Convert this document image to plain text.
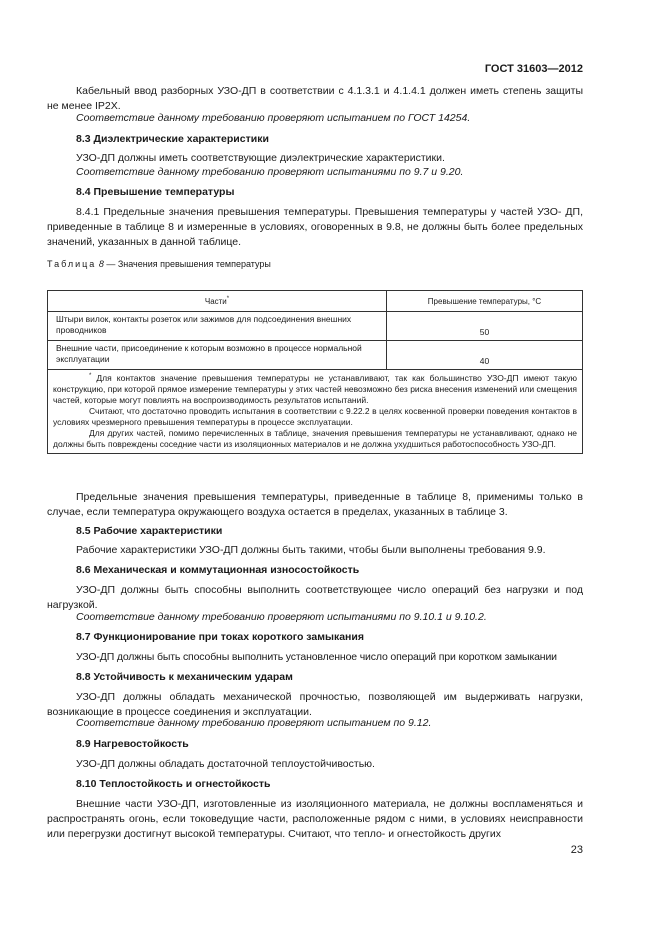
ГОСТ 31603—2012
Кабельный ввод разборных УЗО-ДП в соответствии с 4.1.3.1 и 4.1.4.1 должен иметь степень защиты не менее IP2X.
Соответствие данному требованию проверяют испытанием по ГОСТ 14254.
8.3 Диэлектрические характеристики
УЗО-ДП должны иметь соответствующие диэлектрические характеристики.
Соответствие данному требованию проверяют испытаниями по 9.7 и 9.20.
8.4 Превышение температуры
8.4.1 Предельные значения превышения температуры. Превышения температуры у частей УЗО- ДП, приведенные в таблице 8 и измеренные в условиях, оговоренных в 9.8, не должны быть более предельных значений, указанных в данной таблице.
Таблица 8 — Значения превышения температуры
Части*	Превышение температуры, °С
Штыри вилок, контакты розеток или зажимов для подсоединения внешних проводников	50
Внешние части, присоединение к которым возможно в процессе нормальной эксплуатации	40

* Для контактов значение превышения температуры не устанавливают, так как большинство УЗО-ДП имеют такую конструкцию, при которой прямое измерение температуры у этих частей невозможно без риска внесения изменений или смещения частей, которые могут повлиять на воспроизводимость результатов испытаний.

Считают, что достаточно проводить испытания в соответствии с 9.22.2 в целях косвенной проверки поведения контактов в условиях чрезмерного превышения температуры в процессе эксплуатации.

Для других частей, помимо перечисленных в таблице, значения превышения температуры не устанавливают, однако не должны быть повреждены соседние части из изоляционных материалов и не должна ухудшиться работоспособность УЗО-ДП.	

Предельные значения превышения температуры, приведенные в таблице 8, применимы только в случае, если температура окружающего воздуха остается в пределах, указанных в таблице 3.
8.5 Рабочие характеристики
Рабочие характеристики УЗО-ДП должны быть такими, чтобы были выполнены требования 9.9.
8.6 Механическая и коммутационная износостойкость
УЗО-ДП должны быть способны выполнить соответствующее число операций без нагрузки и под нагрузкой.
Соответствие данному требованию проверяют испытаниями по 9.10.1 и 9.10.2.
8.7 Функционирование при токах короткого замыкания
УЗО-ДП должны быть способны выполнить установленное число операций при коротком замыкании
8.8 Устойчивость к механическим ударам
УЗО-ДП должны обладать механической прочностью, позволяющей им выдерживать нагрузки, возникающие в процессе соединения и эксплуатации.
Соответствие данному требованию проверяют испытанием по 9.12.
8.9 Нагревостойкость
УЗО-ДП должны обладать достаточной теплоустойчивостью.
8.10 Теплостойкость и огнестойкость
Внешние части УЗО-ДП, изготовленные из изоляционного материала, не должны воспламеняться и распространять огонь, если токоведущие части, расположенные рядом с ними, в условиях неисправности или перегрузки достигнут высокой температуры. Считают, что тепло- и огнестойкость других
23
